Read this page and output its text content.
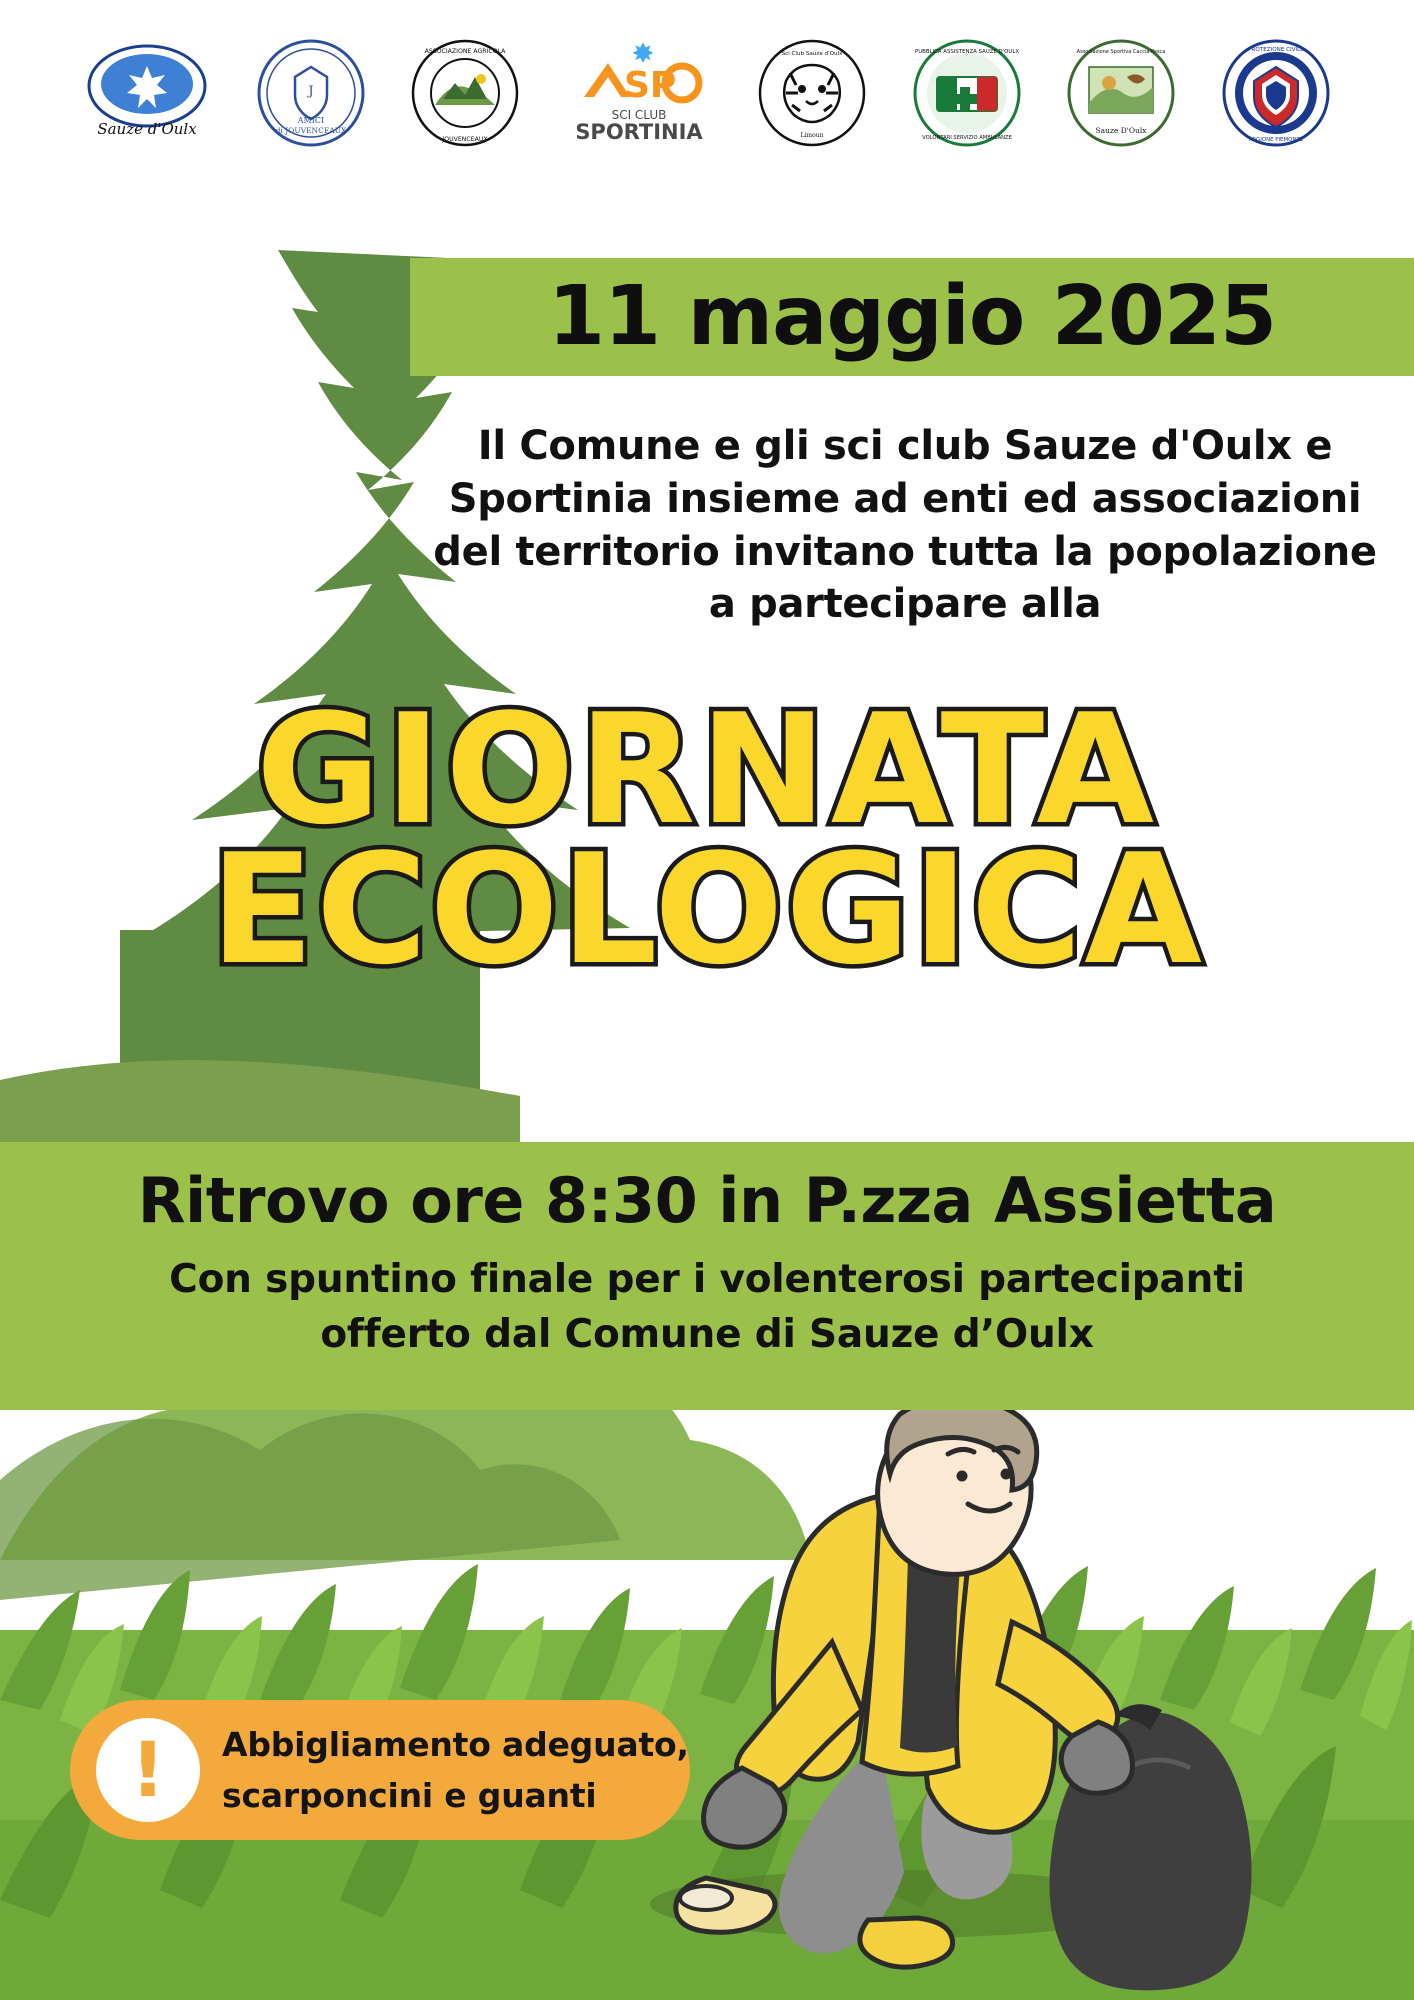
Sauze d'Oulx
J
AMICI
di JOUVENCEAUX
ASSOCIAZIONE AGRICOLA
JOUVENCEAUX
SP
SCI CLUB
SPORTINIA
Sci Club Sauze d'Oulx
Limoun
PUBBLICA ASSISTENZA SAUZE D'OULX
VOLONTARI SERVIZIO AMBULANZE
Associazione Sportiva Caccia Pesca
Sauze D'Oulx
PROTEZIONE CIVILE
REGIONE PIEMONTE
11 maggio 2025
Il Comune e gli sci club Sauze d'Oulx e Sportinia insieme ad enti ed associazioni del territorio invitano tutta la popolazione a partecipare alla
GIORNATA
ECOLOGICA
Ritrovo ore 8:30 in P.zza Assietta
Con spuntino finale per i volenterosi partecipanti
offerto dal Comune di Sauze d’Oulx
!	Abbigliamento adeguato,
scarponcini e guanti
